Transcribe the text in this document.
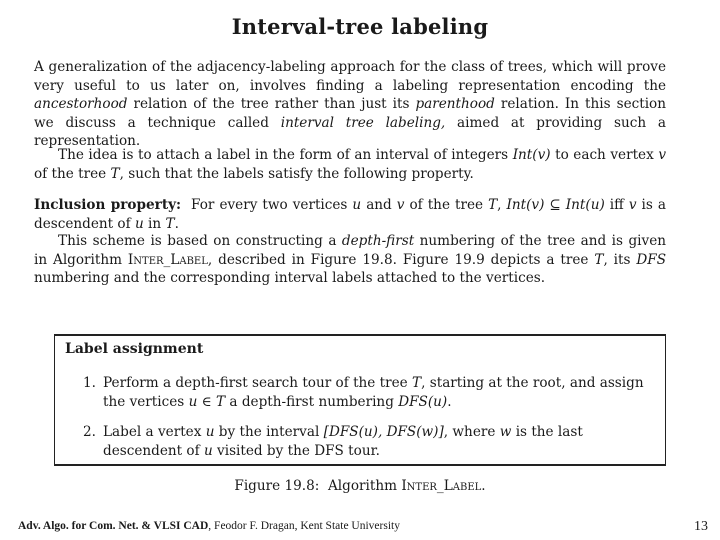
Interval-tree labeling
A generalization of the adjacency-labeling approach for the class of trees, which will prove very useful to us later on, involves finding a labeling representation encoding the ancestorhood relation of the tree rather than just its parenthood relation. In this section we discuss a technique called interval tree labeling, aimed at providing such a representation.
The idea is to attach a label in the form of an interval of integers Int(v) to each vertex v of the tree T, such that the labels satisfy the following property.
Inclusion property:  For every two vertices u and v of the tree T, Int(v) ⊆ Int(u) iff v is a descendent of u in T.
This scheme is based on constructing a depth-first numbering of the tree and is given in Algorithm Inter_Label, described in Figure 19.8. Figure 19.9 depicts a tree T, its DFS numbering and the corresponding interval labels attached to the vertices.
Label assignment
1. Perform a depth-first search tour of the tree T, starting at the root, and assign the vertices u ∈ T a depth-first numbering DFS(u).
2. Label a vertex u by the interval [DFS(u), DFS(w)], where w is the last descendent of u visited by the DFS tour.
Figure 19.8:  Algorithm Inter_Label.
Adv. Algo. for Com. Net. & VLSI CAD, Feodor F. Dragan, Kent State University	13
